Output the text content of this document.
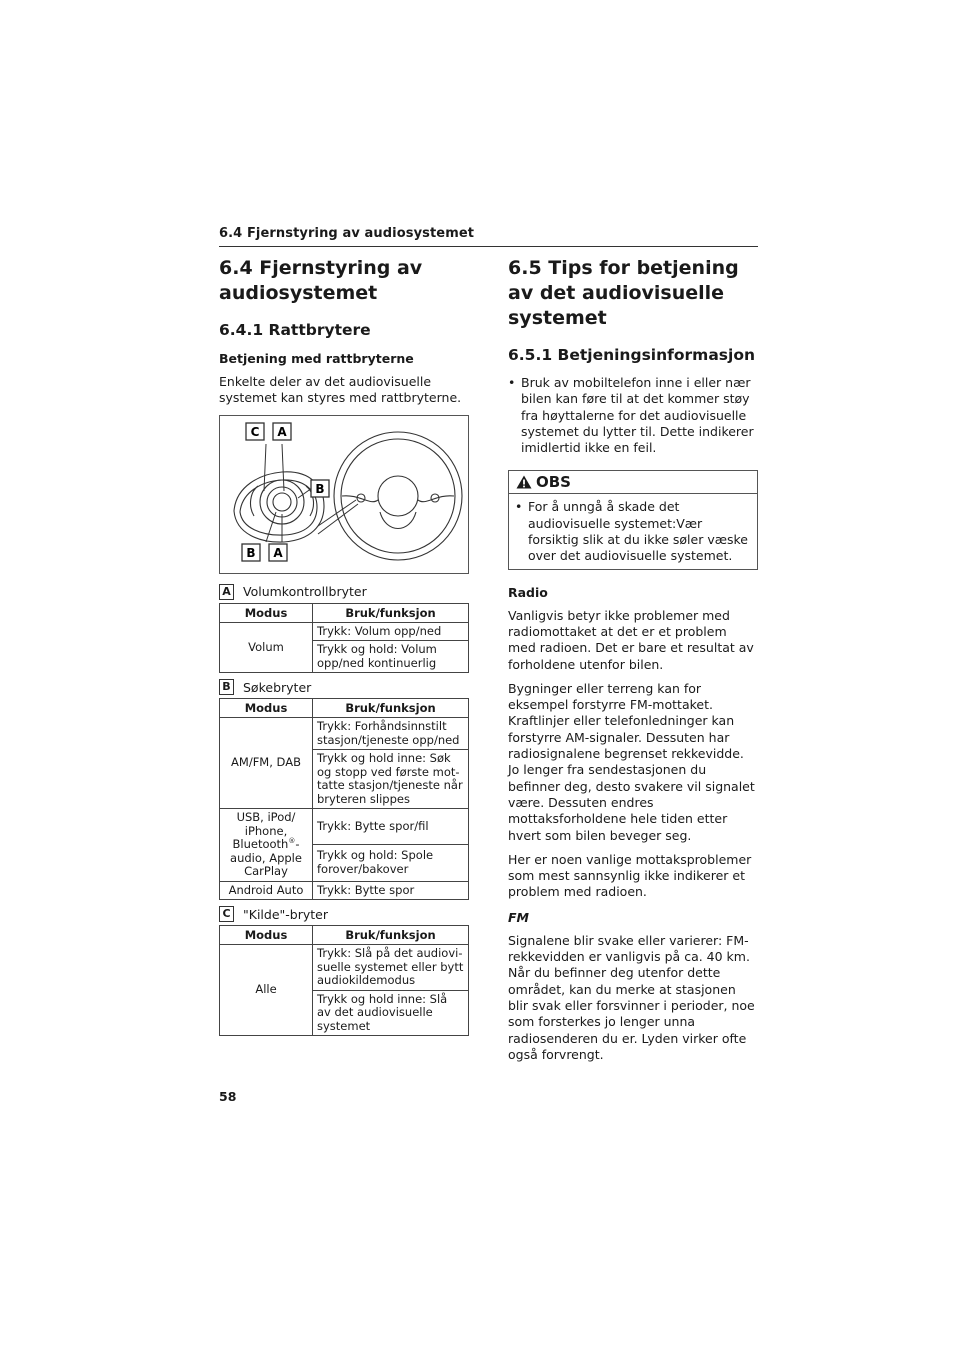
6.4 Fjernstyring av audiosystemet
6.4 Fjernstyring av audiosystemet
6.4.1 Rattbrytere
Betjening med rattbryterne

Enkelte deler av det audiovisuelle systemet kan styres med rattbryterne.

C A
B
B A
A Volumkontrollbryter
Modus	Bruk/funksjon
Volum	Trykk: Volum opp/ned
	Trykk og hold: Volum opp/ned kontinuerlig
B Søkebryter
Modus	Bruk/funksjon
AM/FM, DAB	Trykk: Forhåndsinnstilt stasjon/tjeneste opp/ned
	Trykk og hold inne: Søk og stopp ved første mot-tatte stasjon/tjeneste når bryteren slippes
USB, iPod/ iPhone, Bluetooth®- audio, Apple CarPlay	Trykk: Bytte spor/fil
	Trykk og hold: Spole forover/bakover
Android Auto	Trykk: Bytte spor
C "Kilde"-bryter
Modus	Bruk/funksjon
Alle	Trykk: Slå på det audiovi-suelle systemet eller bytt audiokildemodus
	Trykk og hold inne: Slå av det audiovisuelle systemet
6.5 Tips for betjening av det audiovisuelle systemet
6.5.1 Betjeningsinformasjon
• Bruk av mobiltelefon inne i eller nær bilen kan føre til at det kommer støy fra høyttalerne for det audiovisuelle systemet du lytter til. Dette indikerer imidlertid ikke en feil.
OBS
• For å unngå å skade det audiovisuelle systemet:Vær forsiktig slik at du ikke søler væske over det audiovisuelle systemet.
Radio

Vanligvis betyr ikke problemer med radiomottaket at det er et problem med radioen. Det er bare et resultat av forholdene utenfor bilen.

Bygninger eller terreng kan for eksempel forstyrre FM-mottaket. Kraftlinjer eller telefonledninger kan forstyrre AM-signaler. Dessuten har radiosignalene begrenset rekkevidde. Jo lenger fra sendestasjonen du befinner deg, desto svakere vil signalet være. Dessuten endres mottaksforholdene hele tiden etter hvert som bilen beveger seg.

Her er noen vanlige mottaksproblemer som mest sannsynlig ikke indikerer et problem med radioen.

FM

Signalene blir svake eller varierer: FM-rekkevidden er vanligvis på ca. 40 km. Når du befinner deg utenfor dette området, kan du merke at stasjonen blir svak eller forsvinner i perioder, noe som forsterkes jo lenger unna radiosenderen du er. Lyden virker ofte også forvrengt.

58
